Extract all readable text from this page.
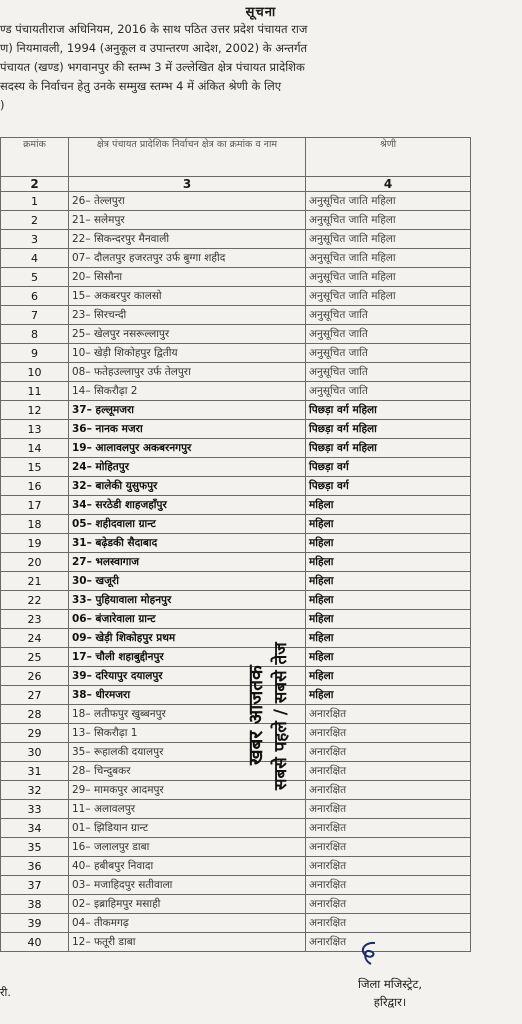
सूचना
ण्ड पंचायतीराज अधिनियम, 2016 के साथ पठित उत्तर प्रदेश पंचायत राज
ण) नियमावली, 1994 (अनुकूल व उपान्तरण आदेश, 2002) के अन्तर्गत
पंचायत (खण्ड) भगवानपुर की स्तम्भ 3 में उल्लेखित क्षेत्र पंचायत प्रादेशिक
सदस्य के निर्वाचन हेतु उनके सम्मुख स्तम्भ 4 में अंकित श्रेणी के लिए
)
क्रमांक	क्षेत्र पंचायत प्रादेशिक निर्वाचन क्षेत्र का क्रमांक व नाम	श्रेणी
2	3	4
1	26– तेल्लपुरा	अनुसूचित जाति महिला
2	21– सलेमपुर	अनुसूचित जाति महिला
3	22– सिकन्दरपुर मैनवाली	अनुसूचित जाति महिला
4	07– दौलतपुर हजरतपुर उर्फ बुग्गा शहीद	अनुसूचित जाति महिला
5	20– सिसौना	अनुसूचित जाति महिला
6	15– अकबरपुर कालसो	अनुसूचित जाति महिला
7	23– सिरचन्दी	अनुसूचित जाति
8	25– खेलपुर नसरूल्लापुर	अनुसूचित जाति
9	10– खेड़ी शिकोहपुर द्वितीय	अनुसूचित जाति
10	08– फतेहउल्लापुर उर्फ तेलपुरा	अनुसूचित जाति
11	14– सिकरौढ़ा 2	अनुसूचित जाति
12	37– हल्लूमजरा	पिछड़ा वर्ग महिला
13	36– नानक मजरा	पिछड़ा वर्ग महिला
14	19– आलावलपुर अकबरनगपुर	पिछड़ा वर्ग महिला
15	24– मोहितपुर	पिछड़ा वर्ग
16	32– बालेकी युसुफपुर	पिछड़ा वर्ग
17	34– सरठेडी शाहजहाँपुर	महिला
18	05– शहीदवाला ग्रान्ट	महिला
19	31– बढ़ेडकी सैदाबाद	महिला
20	27– भलस्वागाज	महिला
21	30– खजूरी	महिला
22	33– पुहियावाला मोहनपुर	महिला
23	06– बंजारेवाला ग्रान्ट	महिला
24	09– खेड़ी शिकोहपुर प्रथम	महिला
25	17– चौली शहाबुद्दीनपुर	महिला
26	39– दरियापुर दयालपुर	महिला
27	38– धीरमजरा	महिला
28	18– लतीफपुर खुब्बनपुर	अनारक्षित
29	13– सिकरौढ़ा 1	अनारक्षित
30	35– रूहालकी दयालपुर	अनारक्षित
31	28– चिन्दुबकर	अनारक्षित
32	29– मामकपुर आदमपुर	अनारक्षित
33	11– अलावलपुर	अनारक्षित
34	01– झिडियान ग्रान्ट	अनारक्षित
35	16– जलालपुर डाबा	अनारक्षित
36	40– हबीबपुर निवादा	अनारक्षित
37	03– मजाहिदपुर सतीवाला	अनारक्षित
38	02– इब्राहिमपुर मसाही	अनारक्षित
39	04– तीकमगढ़	अनारक्षित
40	12– फतूरी डाबा	अनारक्षित
खबर आजतक सबसे पहले / सबसे तेज
री.
जिला मजिस्ट्रेट,
हरिद्वार।
